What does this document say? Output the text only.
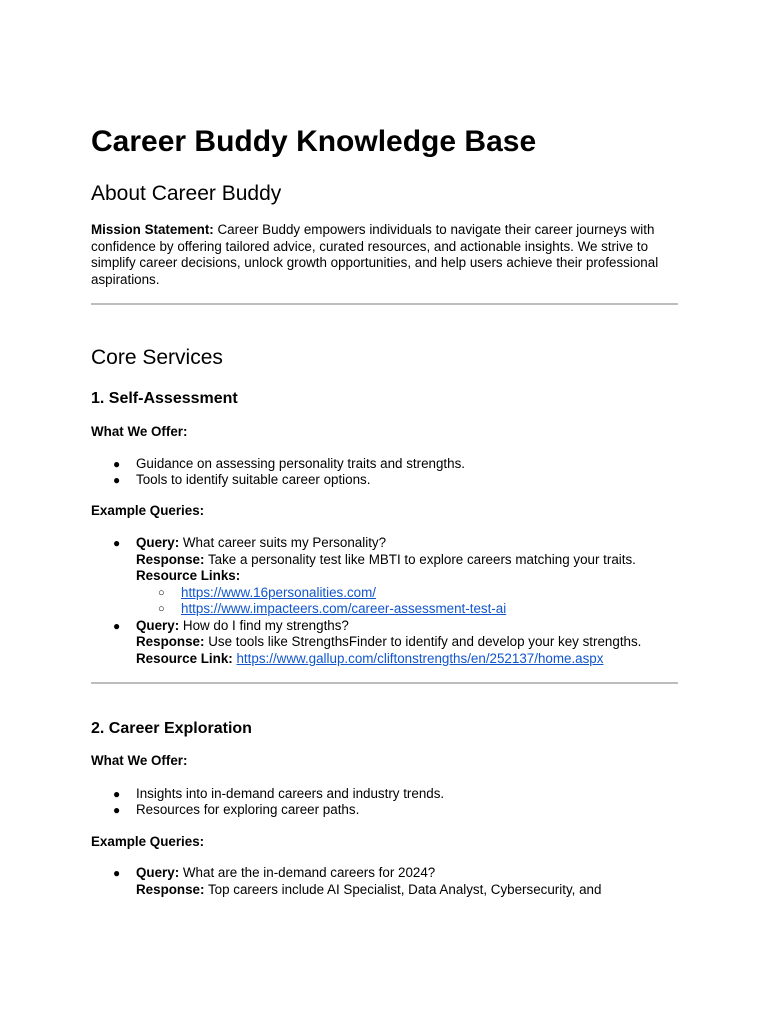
Career Buddy Knowledge Base
About Career Buddy
Mission Statement: Career Buddy empowers individuals to navigate their career journeys with confidence by offering tailored advice, curated resources, and actionable insights. We strive to simplify career decisions, unlock growth opportunities, and help users achieve their professional aspirations.
Core Services
1. Self-Assessment
What We Offer:
● Guidance on assessing personality traits and strengths.
● Tools to identify suitable career options.
Example Queries:
● Query: What career suits my Personality?
Response: Take a personality test like MBTI to explore careers matching your traits.
Resource Links:
○ https://www.16personalities.com/
○ https://www.impacteers.com/career-assessment-test-ai
● Query: How do I find my strengths?
Response: Use tools like StrengthsFinder to identify and develop your key strengths.
Resource Link: https://www.gallup.com/cliftonstrengths/en/252137/home.aspx
2. Career Exploration
What We Offer:
● Insights into in-demand careers and industry trends.
● Resources for exploring career paths.
Example Queries:
● Query: What are the in-demand careers for 2024?
Response: Top careers include AI Specialist, Data Analyst, Cybersecurity, and
